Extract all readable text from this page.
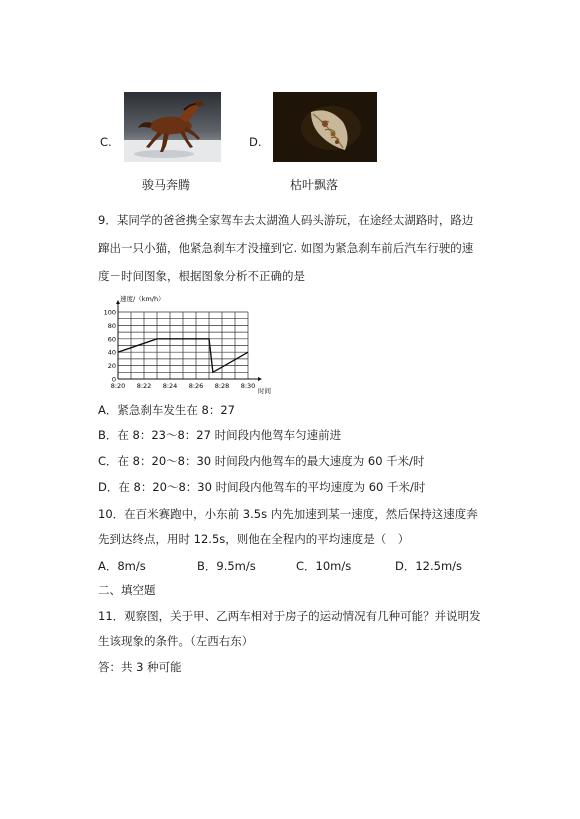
C.	D.
骏马奔腾	枯叶飘落
9．某同学的爸爸携全家驾车去太湖渔人码头游玩，在途经太湖路时，路边
蹿出一只小猫，他紧急刹车才没撞到它. 如图为紧急刹车前后汽车行驶的速
度－时间图象，根据图象分析不正确的是
0
20
40
60
80
100
8:20 8:22 8:24 8:26 8:28 8:30
速度/（km/h）
时间
A．紧急刹车发生在 8：27
B．在 8：23～8：27 时间段内他驾车匀速前进
C．在 8：20～8：30 时间段内他驾车的最大速度为 60 千米/时
D．在 8：20～8：30 时间段内他驾车的平均速度为 60 千米/时
10．在百米赛跑中，小东前 3.5s 内先加速到某一速度，然后保持这速度奔
先到达终点，用时 12.5s，则他在全程内的平均速度是（　）
A．8m/s	B．9.5m/s	C．10m/s	D．12.5m/s
二、填空题
11．观察图，关于甲、乙两车相对于房子的运动情况有几种可能？并说明发
生该现象的条件。（左西右东）
答：共 3 种可能
